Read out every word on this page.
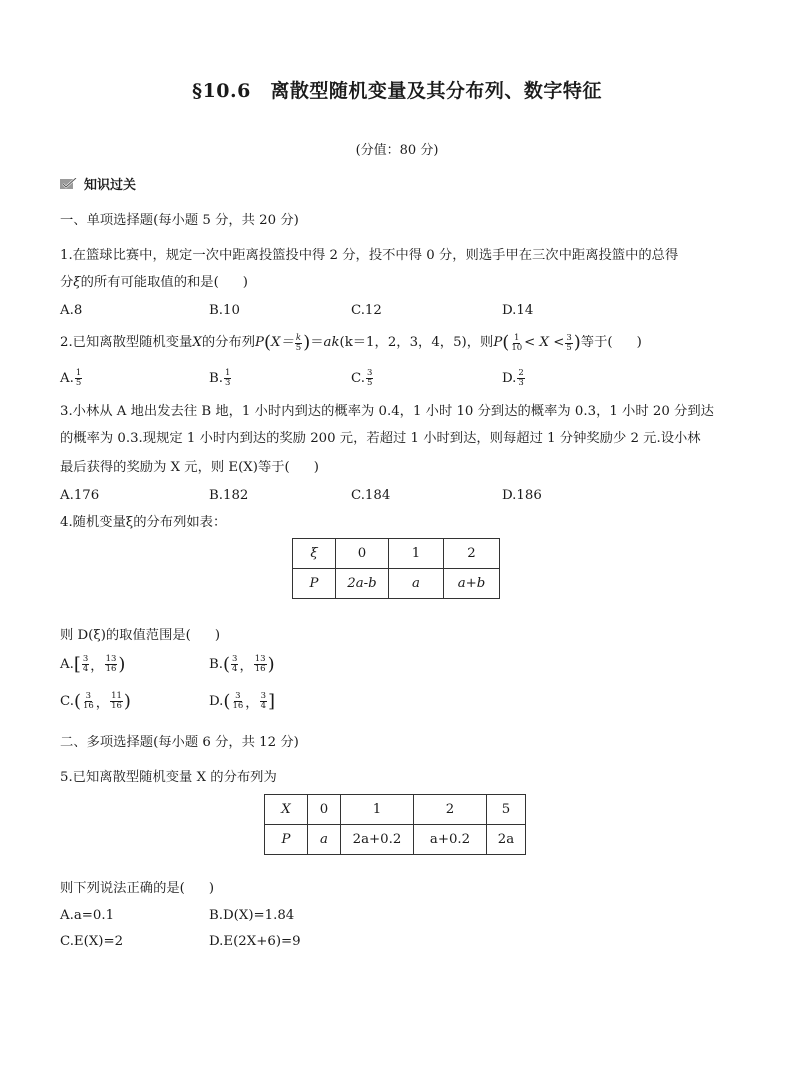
§10.6　离散型随机变量及其分布列、数字特征
(分值：80 分)
知识过关
一、单项选择题(每小题 5 分，共 20 分)
1.在篮球比赛中，规定一次中距离投篮投中得 2 分，投不中得 0 分，则选手甲在三次中距离投篮中的总得
分ξ的所有可能取值的和是( )
A.8	B.10	C.12	D.14
2.已知离散型随机变量 X 的分布列 P ( $X= \frac{k}{5}$ ) ＝ ak (k＝1，2，3，4，5)，则 P ( $\frac{1}{10} < X < \frac{3}{5}$ ) 等于( )
A. $\frac{1}{5}$	B. $\frac{1}{3}$	C. $\frac{3}{5}$	D. $\frac{2}{3}$
3.小林从 A 地出发去往 B 地，1 小时内到达的概率为 0.4，1 小时 10 分到达的概率为 0.3，1 小时 20 分到达
的概率为 0.3.现规定 1 小时内到达的奖励 200 元，若超过 1 小时到达，则每超过 1 分钟奖励少 2 元.设小林
最后获得的奖励为 X 元，则 E(X)等于( )
A.176	B.182	C.184	D.186
4.随机变量ξ的分布列如表：
ξ	0	1	2
P	2a-b	a	a+b
则 D(ξ)的取值范围是( )
A. [ $\frac{3}{4}$ ， $\frac{13}{16}$ )	B. ( $\frac{3}{4}$ ， $\frac{13}{16}$ )
C. ( $\frac{3}{16}$ ， $\frac{11}{16}$ )	D. ( $\frac{3}{16}$ ， $\frac{3}{4}$ ]
二、多项选择题(每小题 6 分，共 12 分)
5.已知离散型随机变量 X 的分布列为
X	0	1	2	5
P	a	2a+0.2	a+0.2	2a
则下列说法正确的是( )
A.a=0.1	B.D(X)=1.84
C.E(X)=2	D.E(2X+6)=9
